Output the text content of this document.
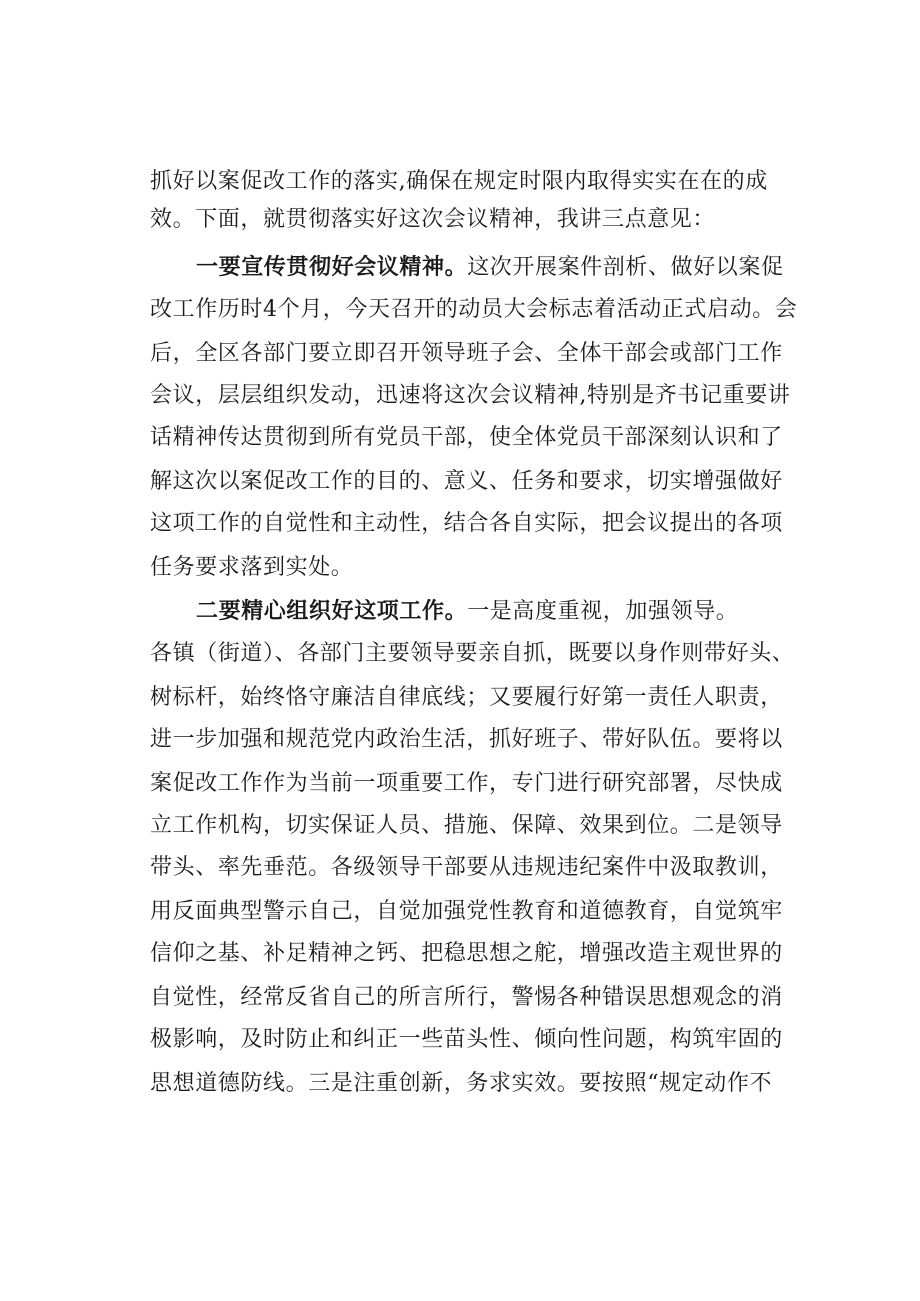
抓好以案促改工作的落实,确保在规定时限内取得实实在在的成
效。下面，就贯彻落实好这次会议精神，我讲三点意见：
一要宣传贯彻好会议精神。这次开展案件剖析、做好以案促
改工作历时4个月，今天召开的动员大会标志着活动正式启动。会
后，全区各部门要立即召开领导班子会、全体干部会或部门工作
会议，层层组织发动，迅速将这次会议精神,特别是齐书记重要讲
话精神传达贯彻到所有党员干部，使全体党员干部深刻认识和了
解这次以案促改工作的目的、意义、任务和要求，切实增强做好
这项工作的自觉性和主动性，结合各自实际，把会议提出的各项
任务要求落到实处。
二要精心组织好这项工作。一是高度重视，加强领导。
各镇（街道）、各部门主要领导要亲自抓，既要以身作则带好头、
树标杆，始终恪守廉洁自律底线；又要履行好第一责任人职责，
进一步加强和规范党内政治生活，抓好班子、带好队伍。要将以
案促改工作作为当前一项重要工作，专门进行研究部署，尽快成
立工作机构，切实保证人员、措施、保障、效果到位。二是领导
带头、率先垂范。各级领导干部要从违规违纪案件中汲取教训，
用反面典型警示自己，自觉加强党性教育和道德教育，自觉筑牢
信仰之基、补足精神之钙、把稳思想之舵，增强改造主观世界的
自觉性，经常反省自己的所言所行，警惕各种错误思想观念的消
极影响，及时防止和纠正一些苗头性、倾向性问题，构筑牢固的
思想道德防线。三是注重创新，务求实效。要按照“规定动作不
